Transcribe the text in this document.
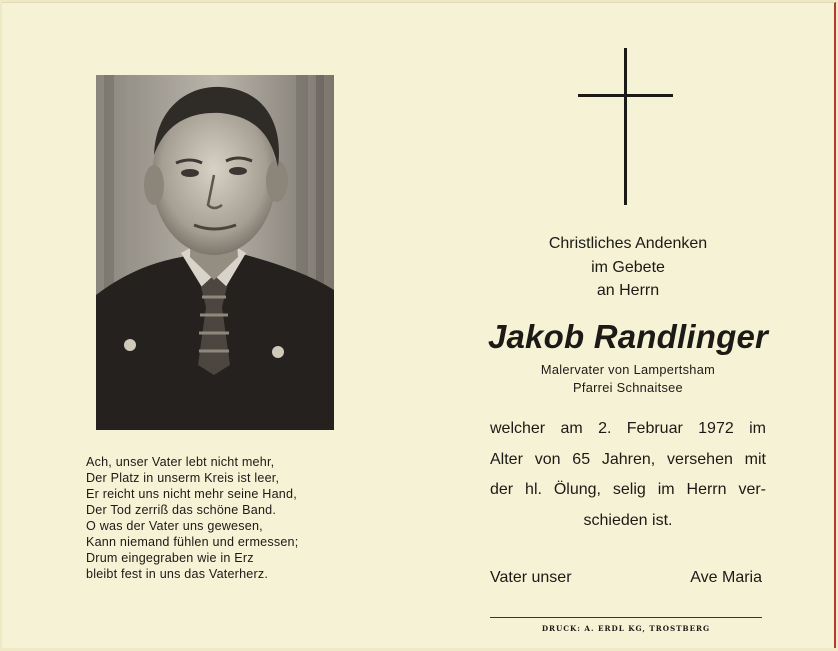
Ach, unser Vater lebt nicht mehr,
Der Platz in unserm Kreis ist leer,
Er reicht uns nicht mehr seine Hand,
Der Tod zerriß das schöne Band.
O was der Vater uns gewesen,
Kann niemand fühlen und ermessen;
Drum eingegraben wie in Erz
bleibt fest in uns das Vaterherz.
Christliches Andenken
im Gebete
an Herrn
Jakob Randlinger
Malervater von Lampertsham
Pfarrei Schnaitsee
welcher am 2. Februar 1972 im
Alter von 65 Jahren, versehen mit
der hl. Ölung, selig im Herrn ver-
schieden ist.
Vater unser	Ave Maria
DRUCK: A. ERDL KG, TROSTBERG
